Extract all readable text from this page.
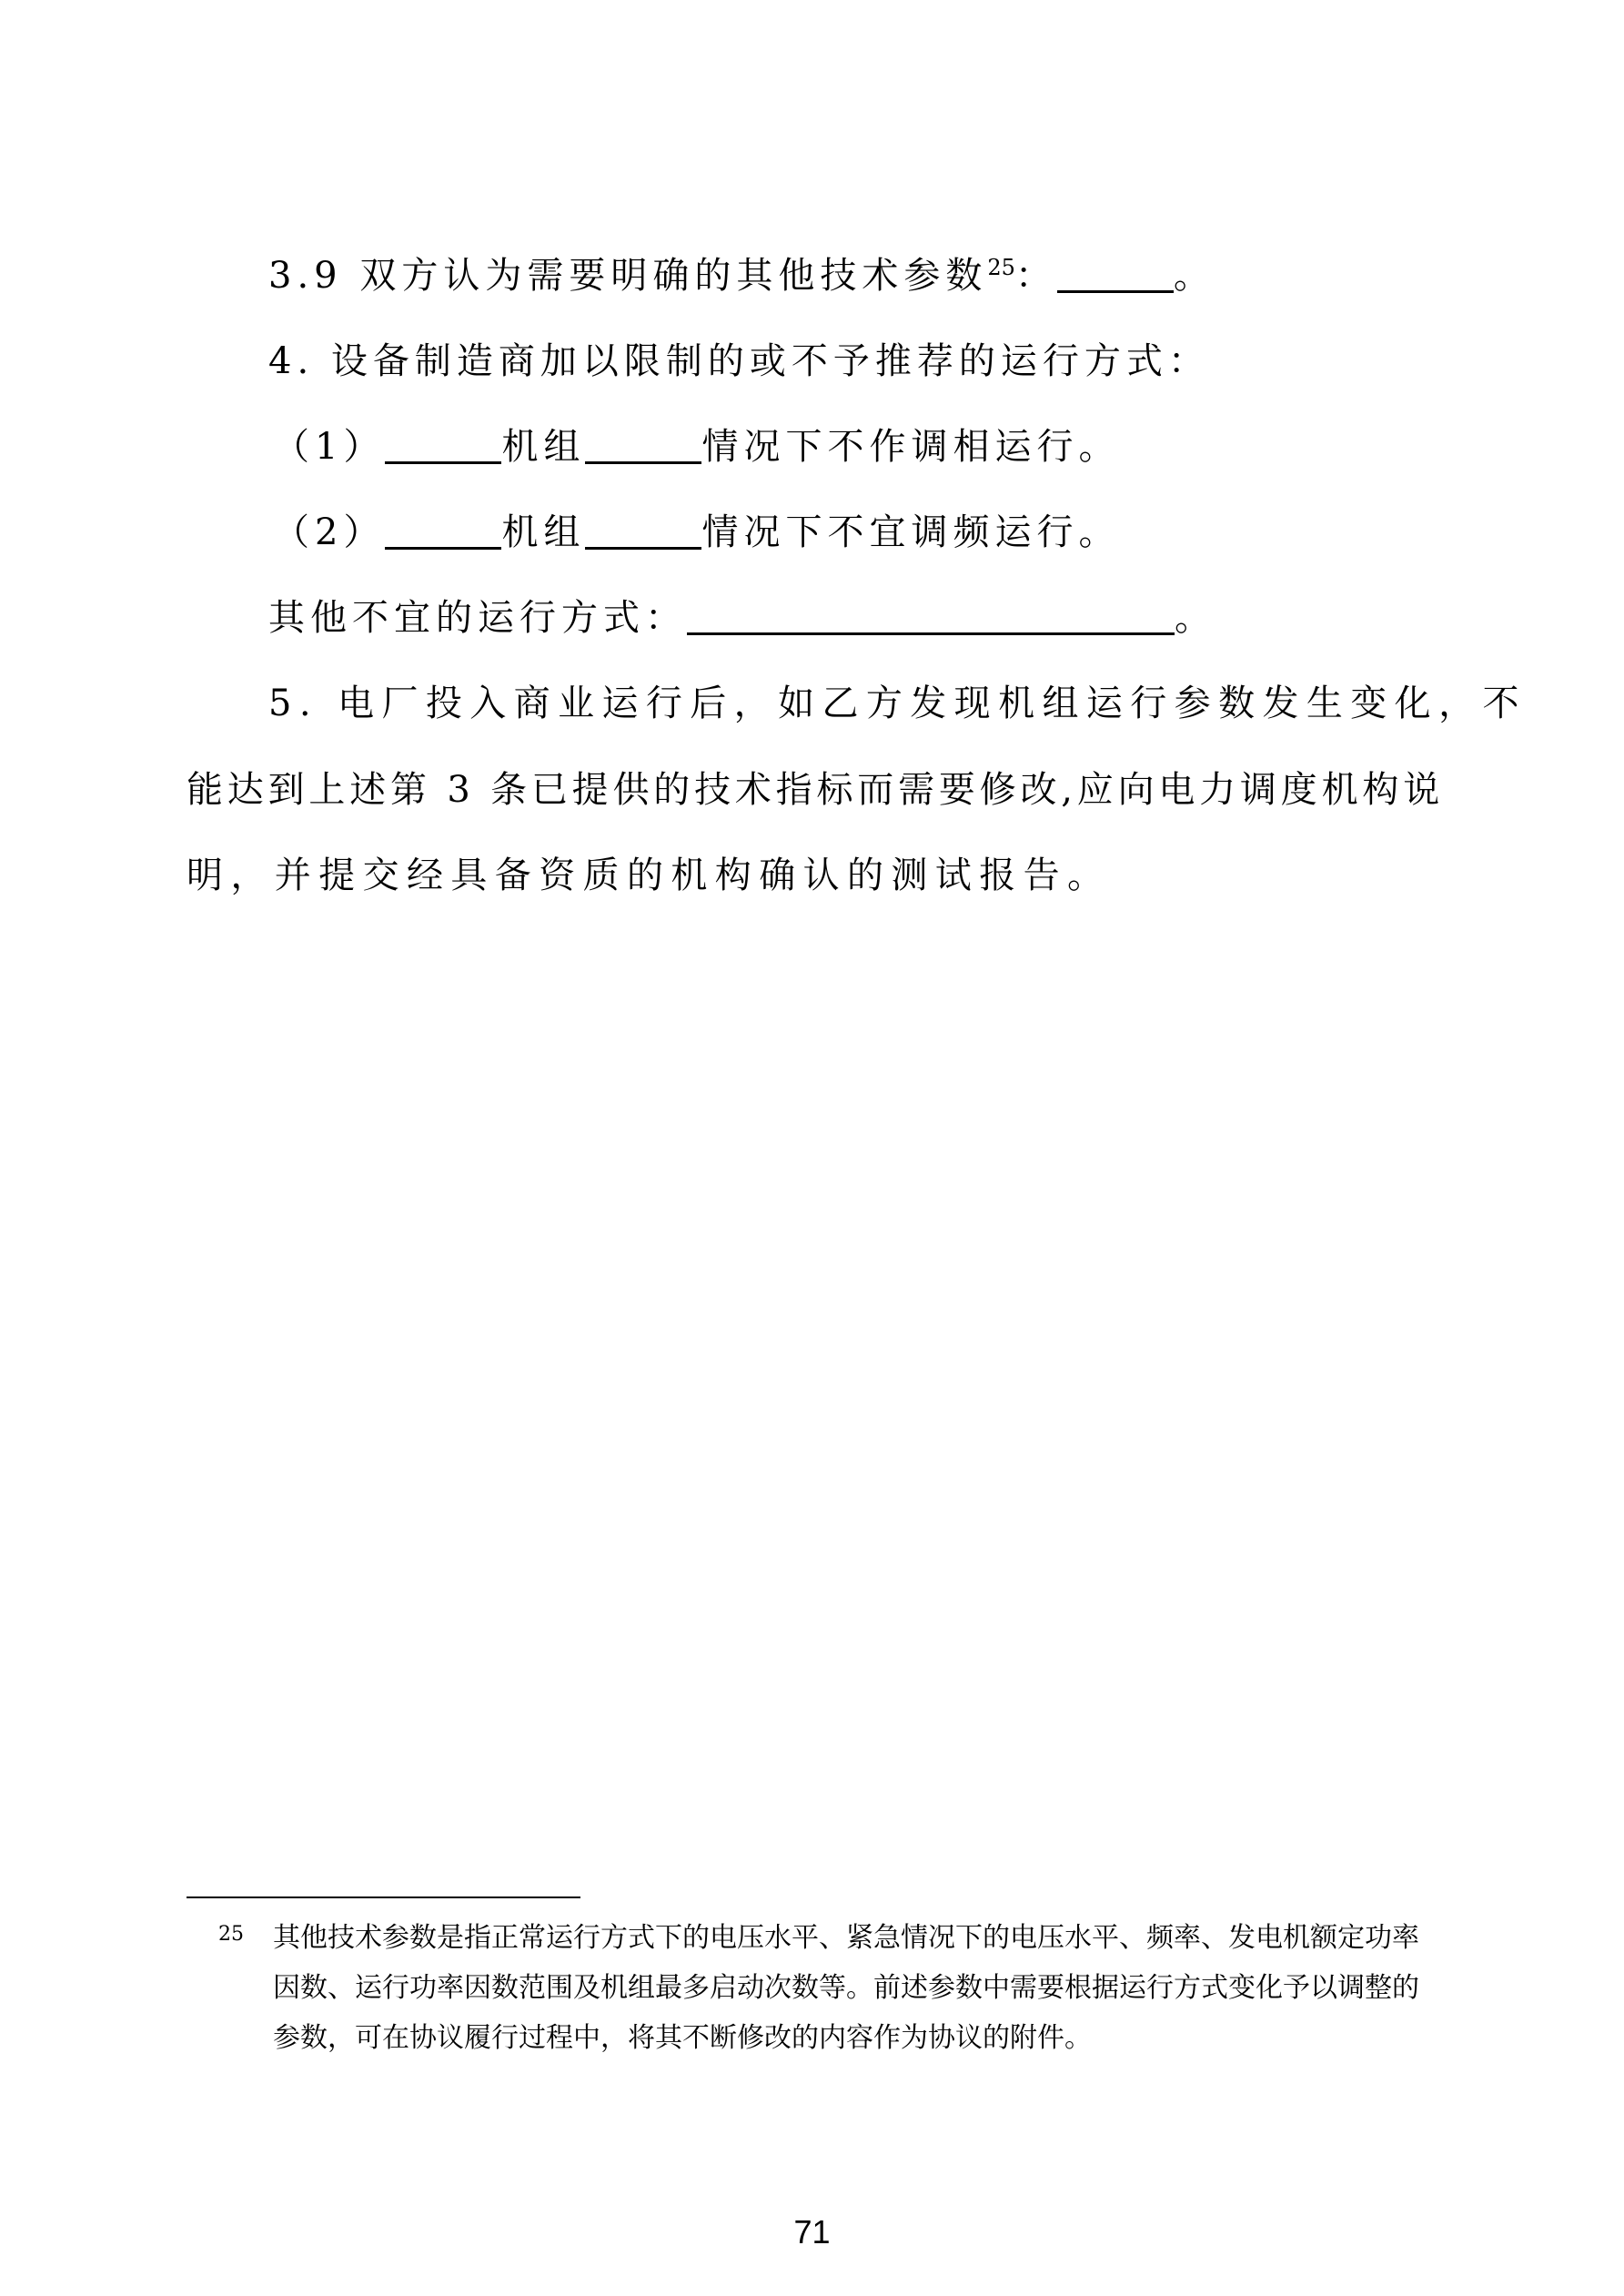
3.9 双方认为需要明确的其他技术参数$^{25}$：	。
4. 设备制造商加以限制的或不予推荐的运行方式：
（1）	机组	情况下不作调相运行。
（2）	机组	情况下不宜调频运行。
其他不宜的运行方式：	。
5. 电厂投入商业运行后，如乙方发现机组运行参数发生变化，不
能达到上述第 3 条已提供的技术指标而需要修改,应向电力调度机构说
明，并提交经具备资质的机构确认的测试报告。
25 其他技术参数是指正常运行方式下的电压水平、紧急情况下的电压水平、频率、发电机额定功率
因数、运行功率因数范围及机组最多启动次数等。前述参数中需要根据运行方式变化予以调整的
参数，可在协议履行过程中，将其不断修改的内容作为协议的附件。
71
